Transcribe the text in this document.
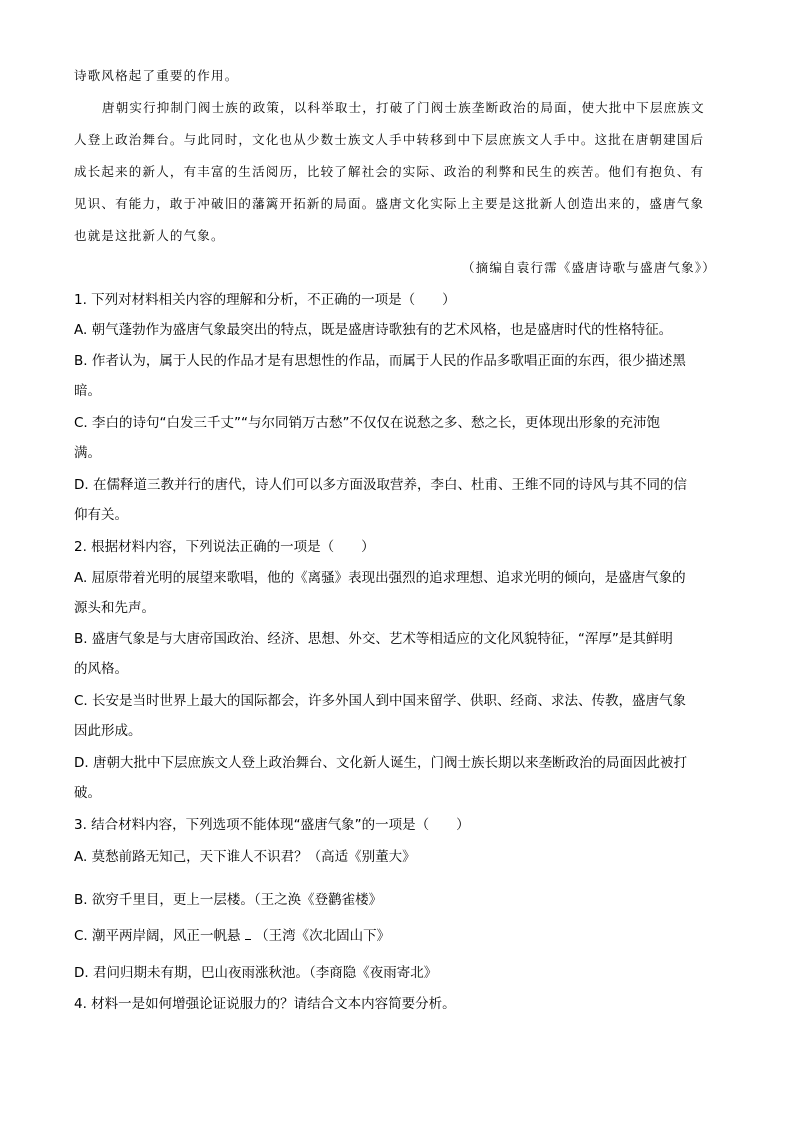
诗歌风格起了重要的作用。
唐朝实行抑制门阀士族的政策，以科举取士，打破了门阀士族垄断政治的局面，使大批中下层庶族文
人登上政治舞台。与此同时，文化也从少数士族文人手中转移到中下层庶族文人手中。这批在唐朝建国后
成长起来的新人，有丰富的生活阅历，比较了解社会的实际、政治的利弊和民生的疾苦。他们有抱负、有
见识、有能力，敢于冲破旧的藩篱开拓新的局面。盛唐文化实际上主要是这批新人创造出来的，盛唐气象
也就是这批新人的气象。
（摘编自袁行霈《盛唐诗歌与盛唐气象》）
1. 下列对材料相关内容的理解和分析，不正确的一项是（　　）
A. 朝气蓬勃作为盛唐气象最突出的特点，既是盛唐诗歌独有的艺术风格，也是盛唐时代的性格特征。
B. 作者认为，属于人民的作品才是有思想性的作品，而属于人民的作品多歌唱正面的东西，很少描述黑
暗。
C. 李白的诗句“白发三千丈”“与尔同销万古愁”不仅仅在说愁之多、愁之长，更体现出形象的充沛饱
满。
D. 在儒释道三教并行的唐代，诗人们可以多方面汲取营养，李白、杜甫、王维不同的诗风与其不同的信
仰有关。
2. 根据材料内容，下列说法正确的一项是（　　）
A. 屈原带着光明的展望来歌唱，他的《离骚》表现出强烈的追求理想、追求光明的倾向，是盛唐气象的
源头和先声。
B. 盛唐气象是与大唐帝国政治、经济、思想、外交、艺术等相适应的文化风貌特征，“浑厚”是其鲜明
的风格。
C. 长安是当时世界上最大的国际都会，许多外国人到中国来留学、供职、经商、求法、传教，盛唐气象
因此形成。
D. 唐朝大批中下层庶族文人登上政治舞台、文化新人诞生，门阀士族长期以来垄断政治的局面因此被打
破。
3. 结合材料内容，下列选项不能体现“盛唐气象”的一项是（　　）
A. 莫愁前路无知己，天下谁人不识君？（高适《别董大》
B. 欲穷千里目，更上一层楼。（王之涣《登鹳雀楼》
C. 潮平两岸阔，风正一帆悬 （王湾《次北固山下》
D. 君问归期未有期，巴山夜雨涨秋池。（李商隐《夜雨寄北》
4. 材料一是如何增强论证说服力的？请结合文本内容简要分析。
